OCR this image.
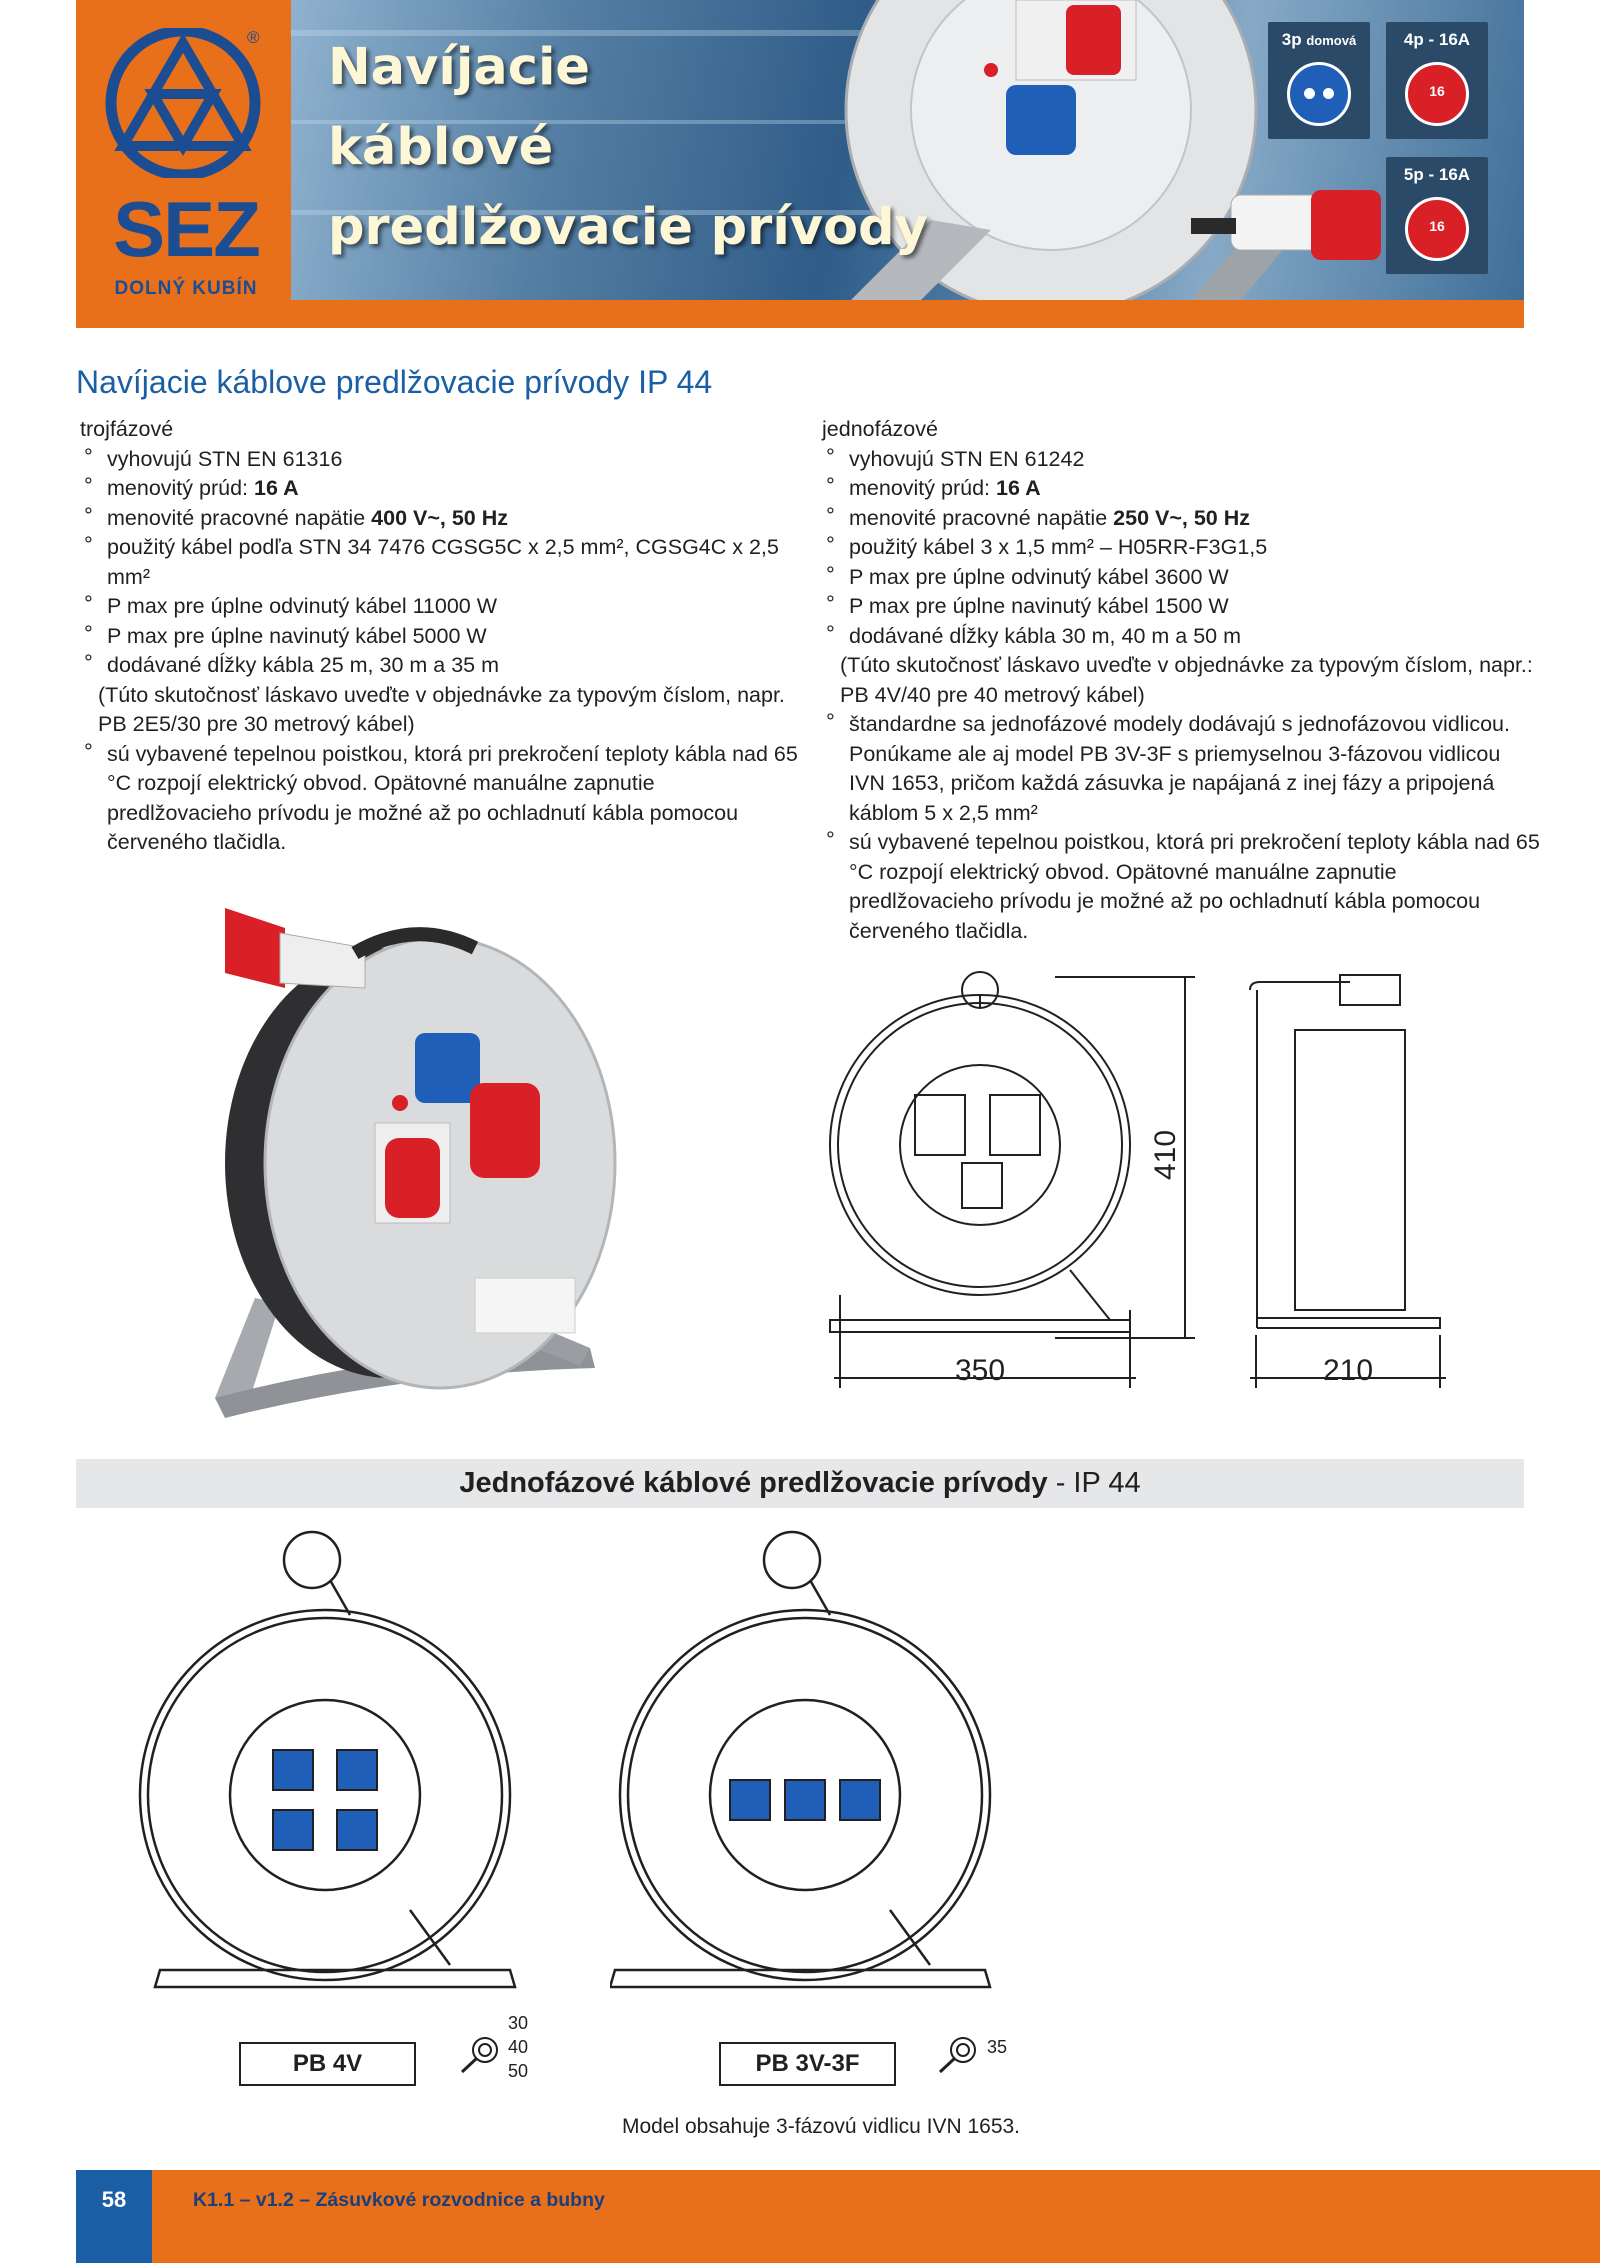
®
SEZ
DOLNÝ KUBÍN
Navíjacie
káblové
predlžovacie prívody
3p domová	4p - 16A
16
5p - 16A
16
Navíjacie káblove predlžovacie prívody IP 44
trojfázové
° vyhovujú STN EN 61316
° menovitý prúd: 16 A
° menovité pracovné napätie 400 V~, 50 Hz
° použitý kábel podľa STN 34 7476 CGSG5C x 2,5 mm², CGSG4C x 2,5 mm²
° P max pre úplne odvinutý kábel 11000 W
° P max pre úplne navinutý kábel 5000 W
° dodávané dĺžky kábla 25 m, 30 m a 35 m
(Túto skutočnosť láskavo uveďte v objednávke za typovým číslom, napr. PB 2E5/30 pre 30 metrový kábel)
° sú vybavené tepelnou poistkou, ktorá pri prekročení teploty kábla nad 65 °C rozpojí elektrický obvod. Opätovné manuálne zapnutie predlžovacieho prívodu je možné až po ochladnutí kábla pomocou červeného tlačidla.
jednofázové
° vyhovujú STN EN 61242
° menovitý prúd: 16 A
° menovité pracovné napätie 250 V~, 50 Hz
° použitý kábel 3 x 1,5 mm² – H05RR-F3G1,5
° P max pre úplne odvinutý kábel 3600 W
° P max pre úplne navinutý kábel 1500 W
° dodávané dĺžky kábla 30 m, 40 m a 50 m
(Túto skutočnosť láskavo uveďte v objednávke za typovým číslom, napr.: PB 4V/40 pre 40 metrový kábel)
° štandardne sa jednofázové modely dodávajú s jednofázovou vidlicou. Ponúkame ale aj model PB 3V-3F s priemyselnou 3-fázovou vidlicou IVN 1653, pričom každá zásuvka je napájaná z inej fázy a pripojená káblom 5 x 2,5 mm²
° sú vybavené tepelnou poistkou, ktorá pri prekročení teploty kábla nad 65 °C rozpojí elektrický obvod. Opätovné manuálne zapnutie predlžovacieho prívodu je možné až po ochladnutí kábla pomocou červeného tlačidla.
350	210
410
Jednofázové káblové predlžovacie prívody - IP 44
PB 4V
30
40
50	PB 3V-3F
35
Model obsahuje 3-fázovú vidlicu IVN 1653.
58	K1.1 – v1.2 – Zásuvkové rozvodnice a bubny
